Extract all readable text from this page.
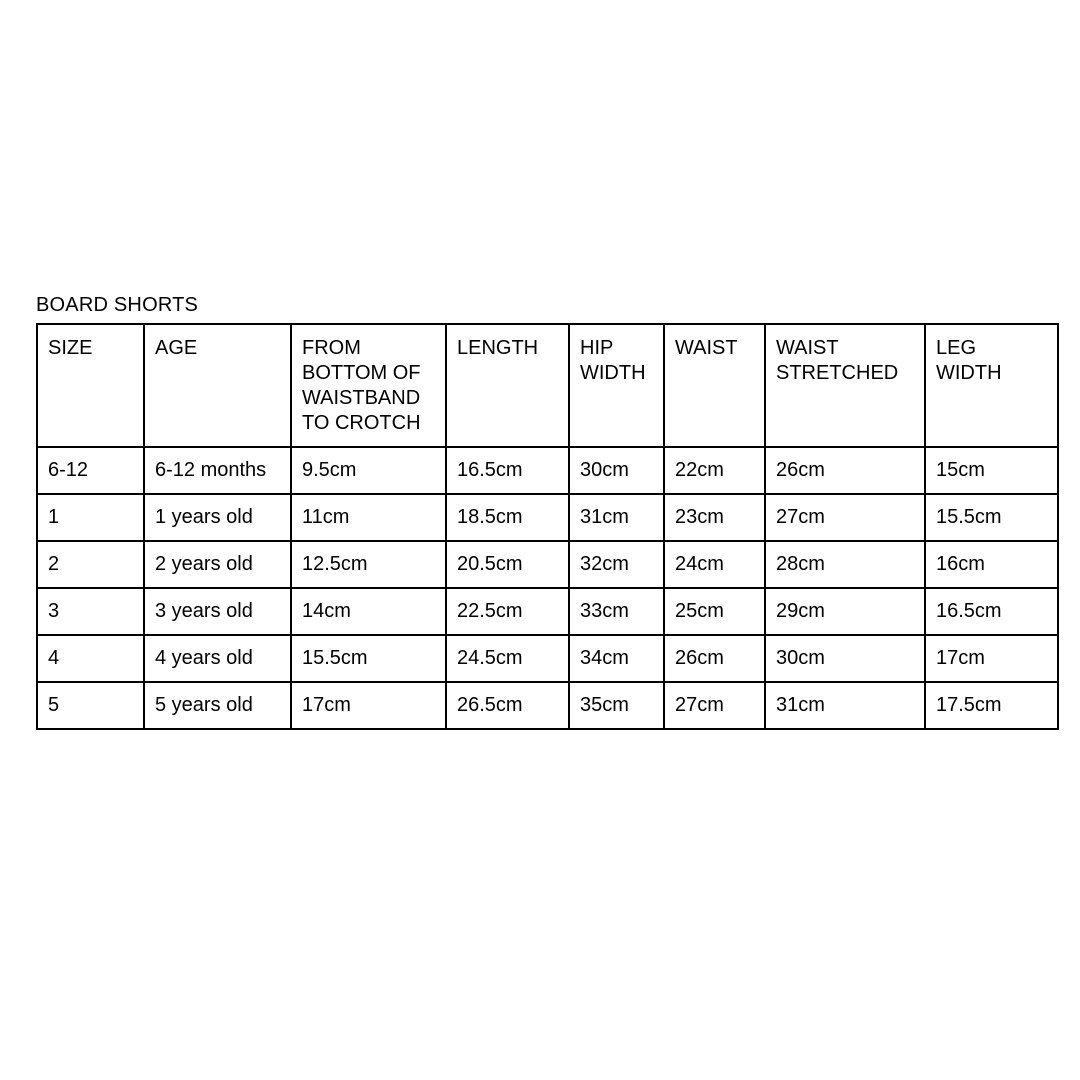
BOARD SHORTS
SIZE	AGE	FROM BOTTOM OF WAISTBAND TO CROTCH	LENGTH	HIP WIDTH	WAIST	WAIST STRETCHED	LEG WIDTH
6-12	6-12 months	9.5cm	16.5cm	30cm	22cm	26cm	15cm
1	1 years old	11cm	18.5cm	31cm	23cm	27cm	15.5cm
2	2 years old	12.5cm	20.5cm	32cm	24cm	28cm	16cm
3	3 years old	14cm	22.5cm	33cm	25cm	29cm	16.5cm
4	4 years old	15.5cm	24.5cm	34cm	26cm	30cm	17cm
5	5 years old	17cm	26.5cm	35cm	27cm	31cm	17.5cm
